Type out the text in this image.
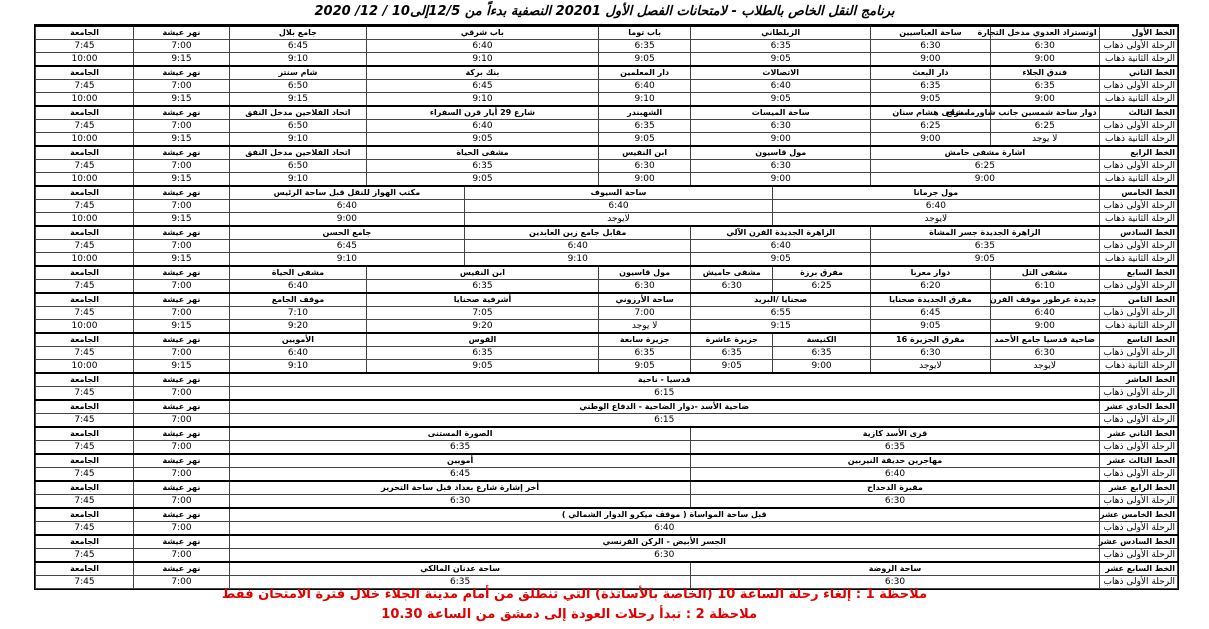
برنامج النقل الخاص بالطلاب - لامتحانات الفصل الأول 20201 النصفية بدءاً من 12/5إلى10 / 12/ 2020
الخط الأول	اوتستراد العدوي مدخل التجارة	ساحة العباسيين	الزبلطاني		باب توما	باب شرقي		جامع بلال	نهر عيشة	الجامعة
الرحلة الأولى ذهاب	6:30	6:30	6:35		6:35	6:40		6:45	7:00	7:45
الرحلة الثانية ذهاب	9:00	9:00	9:05		9:05	9:10		9:10	9:15	10:00
الخط الثاني	فندق الجلاء	دار البعث	الاتصالات		دار المعلمين	بنك بركة		شام سنتر	نهر عيشة	الجامعة
الرحلة الأولى ذهاب	6:35	6:35	6:40		6:40	6:45		6:50	7:00	7:45
الرحلة الثانية ذهاب	9:00	9:05	9:05		9:10	9:10		9:15	9:15	10:00
الخط الثالث	دوار ساحة شمسين جانب شاورما مزاج	مشفى هشام سنان	ساحة الميسات		الشهبندر	شارع 29 أيار قرن السفراء		اتحاد الفلاحين مدخل النفق	نهر عيشة	الجامعة
الرحلة الأولى ذهاب	6:25	6:25	6:30		6:35	6:40		6:50	7:00	7:45
الرحلة الثانية ذهاب	لا يوجد	9:00	9:00		9:05	9:05		9:10	9:15	10:00
الخط الرابع	اشارة مشفى حامش		مول قاسيون		ابن النفيس	مشفى الحياة		اتحاد الفلاحين مدخل النفق	نهر عيشة	الجامعة
الرحلة الأولى ذهاب	6:25		6:30		6:30	6:35		6:50	7:00	7:45
الرحلة الثانية ذهاب	9:00		9:00		9:00	9:05		9:10	9:15	10:00
الخط الخامس	مول جرمانا			ساحة السيوف			مكتب الهواز للنقل قبل ساحة الرئيس		نهر عيشة	الجامعة
الرحلة الأولى ذهاب	6:40			6:40			6:40		7:00	7:45
الرحلة الثانية ذهاب	لايوجد			لايوجد			9:00		9:15	10:00
الخط السادس	الزاهرة الجديدة جسر المشاة		الزاهرة الجديدة الفرن الآلي		مقابل جامع زين العابدين		جامع الحسن		نهر عيشة	الجامعة
الرحلة الأولى ذهاب	6:35		6:40		6:40		6:45		7:00	7:45
الرحلة الثانية ذهاب	9:05		9:05		9:10		9:10		9:15	10:00
الخط السابع	مشفى التل	دوار معربا	مفرق برزة	مشفى حاميش	مول قاسيون	ابن النفيس		مشفى الحياة	نهر عيشة	الجامعة
الرحلة الأولى ذهاب	6:10	6:20	6:25	6:30	6:30	6:35		6:40	7:00	7:45
الخط الثامن	جديدة عرطوز موقف الفرن	مفرق الجديدة صحنايا	صحنايا /البريد		ساحة الأرزوني	أشرفية صحنايا		موقف الجامع	نهر عيشة	الجامعة
الرحلة الأولى ذهاب	6:40	6:45	6:55		7:00	7:05		7:10	7:00	7:45
الرحلة الثانية ذهاب	9:00	9:05	9:15		لا يوجد	9:20		9:20	9:15	10:00
الخط التاسع	ضاحية قدسيا جامع الأحمد	مفرق الجزيرة 16	الكنيسة	جزيرة عاشرة	جزيرة سابعة	القوس		الأمويين	نهر عيشة	الجامعة
الرحلة الأولى ذهاب	6:30	6:30	6:35	6:35	6:35	6:35		6:40	7:00	7:45
الرحلة الثانية ذهاب	لايوجد	لايوجد	9:00	9:05	9:05	9:05		9:10	9:15	10:00
الخط العاشر	قدسيا - ناحية								نهر عيشة	الجامعة
الرحلة الأولى ذهاب	6:15								7:00	7:45
الخط الحادي عشر	ضاحية الأسد -دوار الضاحية - الدفاع الوطني								نهر عيشة	الجامعة
الرحلة الأولى ذهاب	6:15								7:00	7:45
الخط الثاني عشر	قرى الأسد كازية				الصورة المستنى				نهر عيشة	الجامعة
الرحلة الأولى ذهاب	6:35				6:35				7:00	7:45
الخط الثالث عشر	مهاجرين حديقة النيربين				أمويين				نهر عيشة	الجامعة
الرحلة الأولى ذهاب	6:40				6:45				7:00	7:45
الخط الرابع عشر	مقبرة الدحداح				أخر إشارة شارع بغداد قبل ساحة التحرير				نهر عيشة	الجامعة
الرحلة الأولى ذهاب	6:30				6:30				7:00	7:45
الخط الخامس عشر	قبل ساحة المواساة ( موقف ميكرو الدوار الشمالي )								نهر عيشة	الجامعة
الرحلة الأولى ذهاب	6:40								7:00	7:45
الخط السادس عشر	الجسر الأبيض - الركن الفرنسي								نهر عيشة	الجامعة
الرحلة الأولى ذهاب	6:30								7:00	7:45
الخط السابع عشر	ساحة الروضة				ساحة عدنان المالكي				نهر عيشة	الجامعة
الرحلة الأولى ذهاب	6:30				6:35				7:00	7:45
ملاحظة 1 : إلغاء رحلة الساعة 10 (الخاصة بالأساتذة) التي تنطلق من أمام مدينة الجلاء خلال فترة الامتحان فقط
ملاحظة 2 : تبدأ رحلات العودة إلى دمشق من الساعة 10.30
